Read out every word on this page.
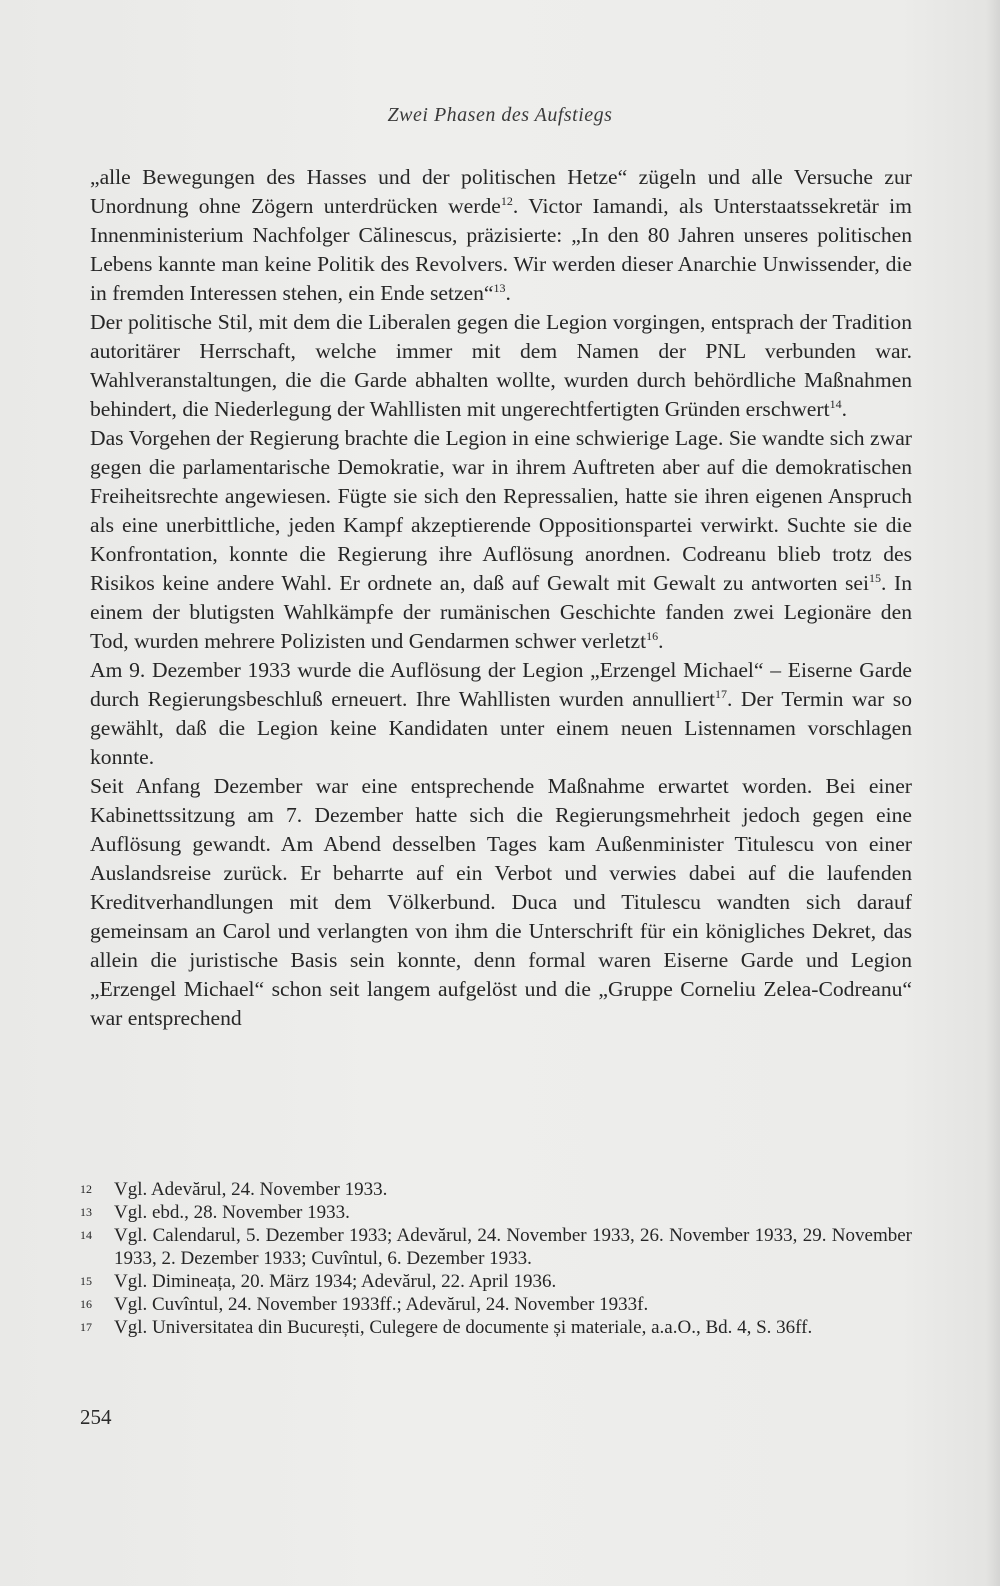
Zwei Phasen des Aufstiegs

„alle Bewegungen des Hasses und der politischen Hetze“ zügeln und alle Versuche zur Unordnung ohne Zögern unterdrücken werde$^{12}$. Victor Iamandi, als Unterstaatssekretär im Innenministerium Nachfolger Călinescus, präzisierte: „In den 80 Jahren unseres politischen Lebens kannte man keine Politik des Revolvers. Wir werden dieser Anarchie Unwissender, die in fremden Interessen stehen, ein Ende setzen“$^{13}$.

Der politische Stil, mit dem die Liberalen gegen die Legion vorgingen, entsprach der Tradition autoritärer Herrschaft, welche immer mit dem Namen der PNL verbunden war. Wahlveranstaltungen, die die Garde abhalten wollte, wurden durch behördliche Maßnahmen behindert, die Niederlegung der Wahllisten mit ungerechtfertigten Gründen erschwert$^{14}$.

Das Vorgehen der Regierung brachte die Legion in eine schwierige Lage. Sie wandte sich zwar gegen die parlamentarische Demokratie, war in ihrem Auftreten aber auf die demokratischen Freiheitsrechte angewiesen. Fügte sie sich den Repressalien, hatte sie ihren eigenen Anspruch als eine unerbittliche, jeden Kampf akzeptierende Oppositionspartei verwirkt. Suchte sie die Konfrontation, konnte die Regierung ihre Auflösung anordnen. Codreanu blieb trotz des Risikos keine andere Wahl. Er ordnete an, daß auf Gewalt mit Gewalt zu antworten sei$^{15}$. In einem der blutigsten Wahlkämpfe der rumänischen Geschichte fanden zwei Legionäre den Tod, wurden mehrere Polizisten und Gendarmen schwer verletzt$^{16}$.

Am 9. Dezember 1933 wurde die Auflösung der Legion „Erzengel Michael“ – Eiserne Garde durch Regierungsbeschluß erneuert. Ihre Wahllisten wurden annulliert$^{17}$. Der Termin war so gewählt, daß die Legion keine Kandidaten unter einem neuen Listennamen vorschlagen konnte.

Seit Anfang Dezember war eine entsprechende Maßnahme erwartet worden. Bei einer Kabinettssitzung am 7. Dezember hatte sich die Regierungsmehrheit jedoch gegen eine Auflösung gewandt. Am Abend desselben Tages kam Außenminister Titulescu von einer Auslandsreise zurück. Er beharrte auf ein Verbot und verwies dabei auf die laufenden Kreditverhandlungen mit dem Völkerbund. Duca und Titulescu wandten sich darauf gemeinsam an Carol und verlangten von ihm die Unterschrift für ein königliches Dekret, das allein die juristische Basis sein konnte, denn formal waren Eiserne Garde und Legion „Erzengel Michael“ schon seit langem aufgelöst und die „Gruppe Corneliu Zelea-Codreanu“ war entsprechend

12	Vgl. Adevărul, 24. November 1933.
13	Vgl. ebd., 28. November 1933.
14	Vgl. Calendarul, 5. Dezember 1933; Adevărul, 24. November 1933, 26. November 1933, 29. November 1933, 2. Dezember 1933; Cuvîntul, 6. Dezember 1933.
15	Vgl. Dimineața, 20. März 1934; Adevărul, 22. April 1936.
16	Vgl. Cuvîntul, 24. November 1933ff.; Adevărul, 24. November 1933f.
17	Vgl. Universitatea din București, Culegere de documente și materiale, a.a.O., Bd. 4, S. 36ff.
254
